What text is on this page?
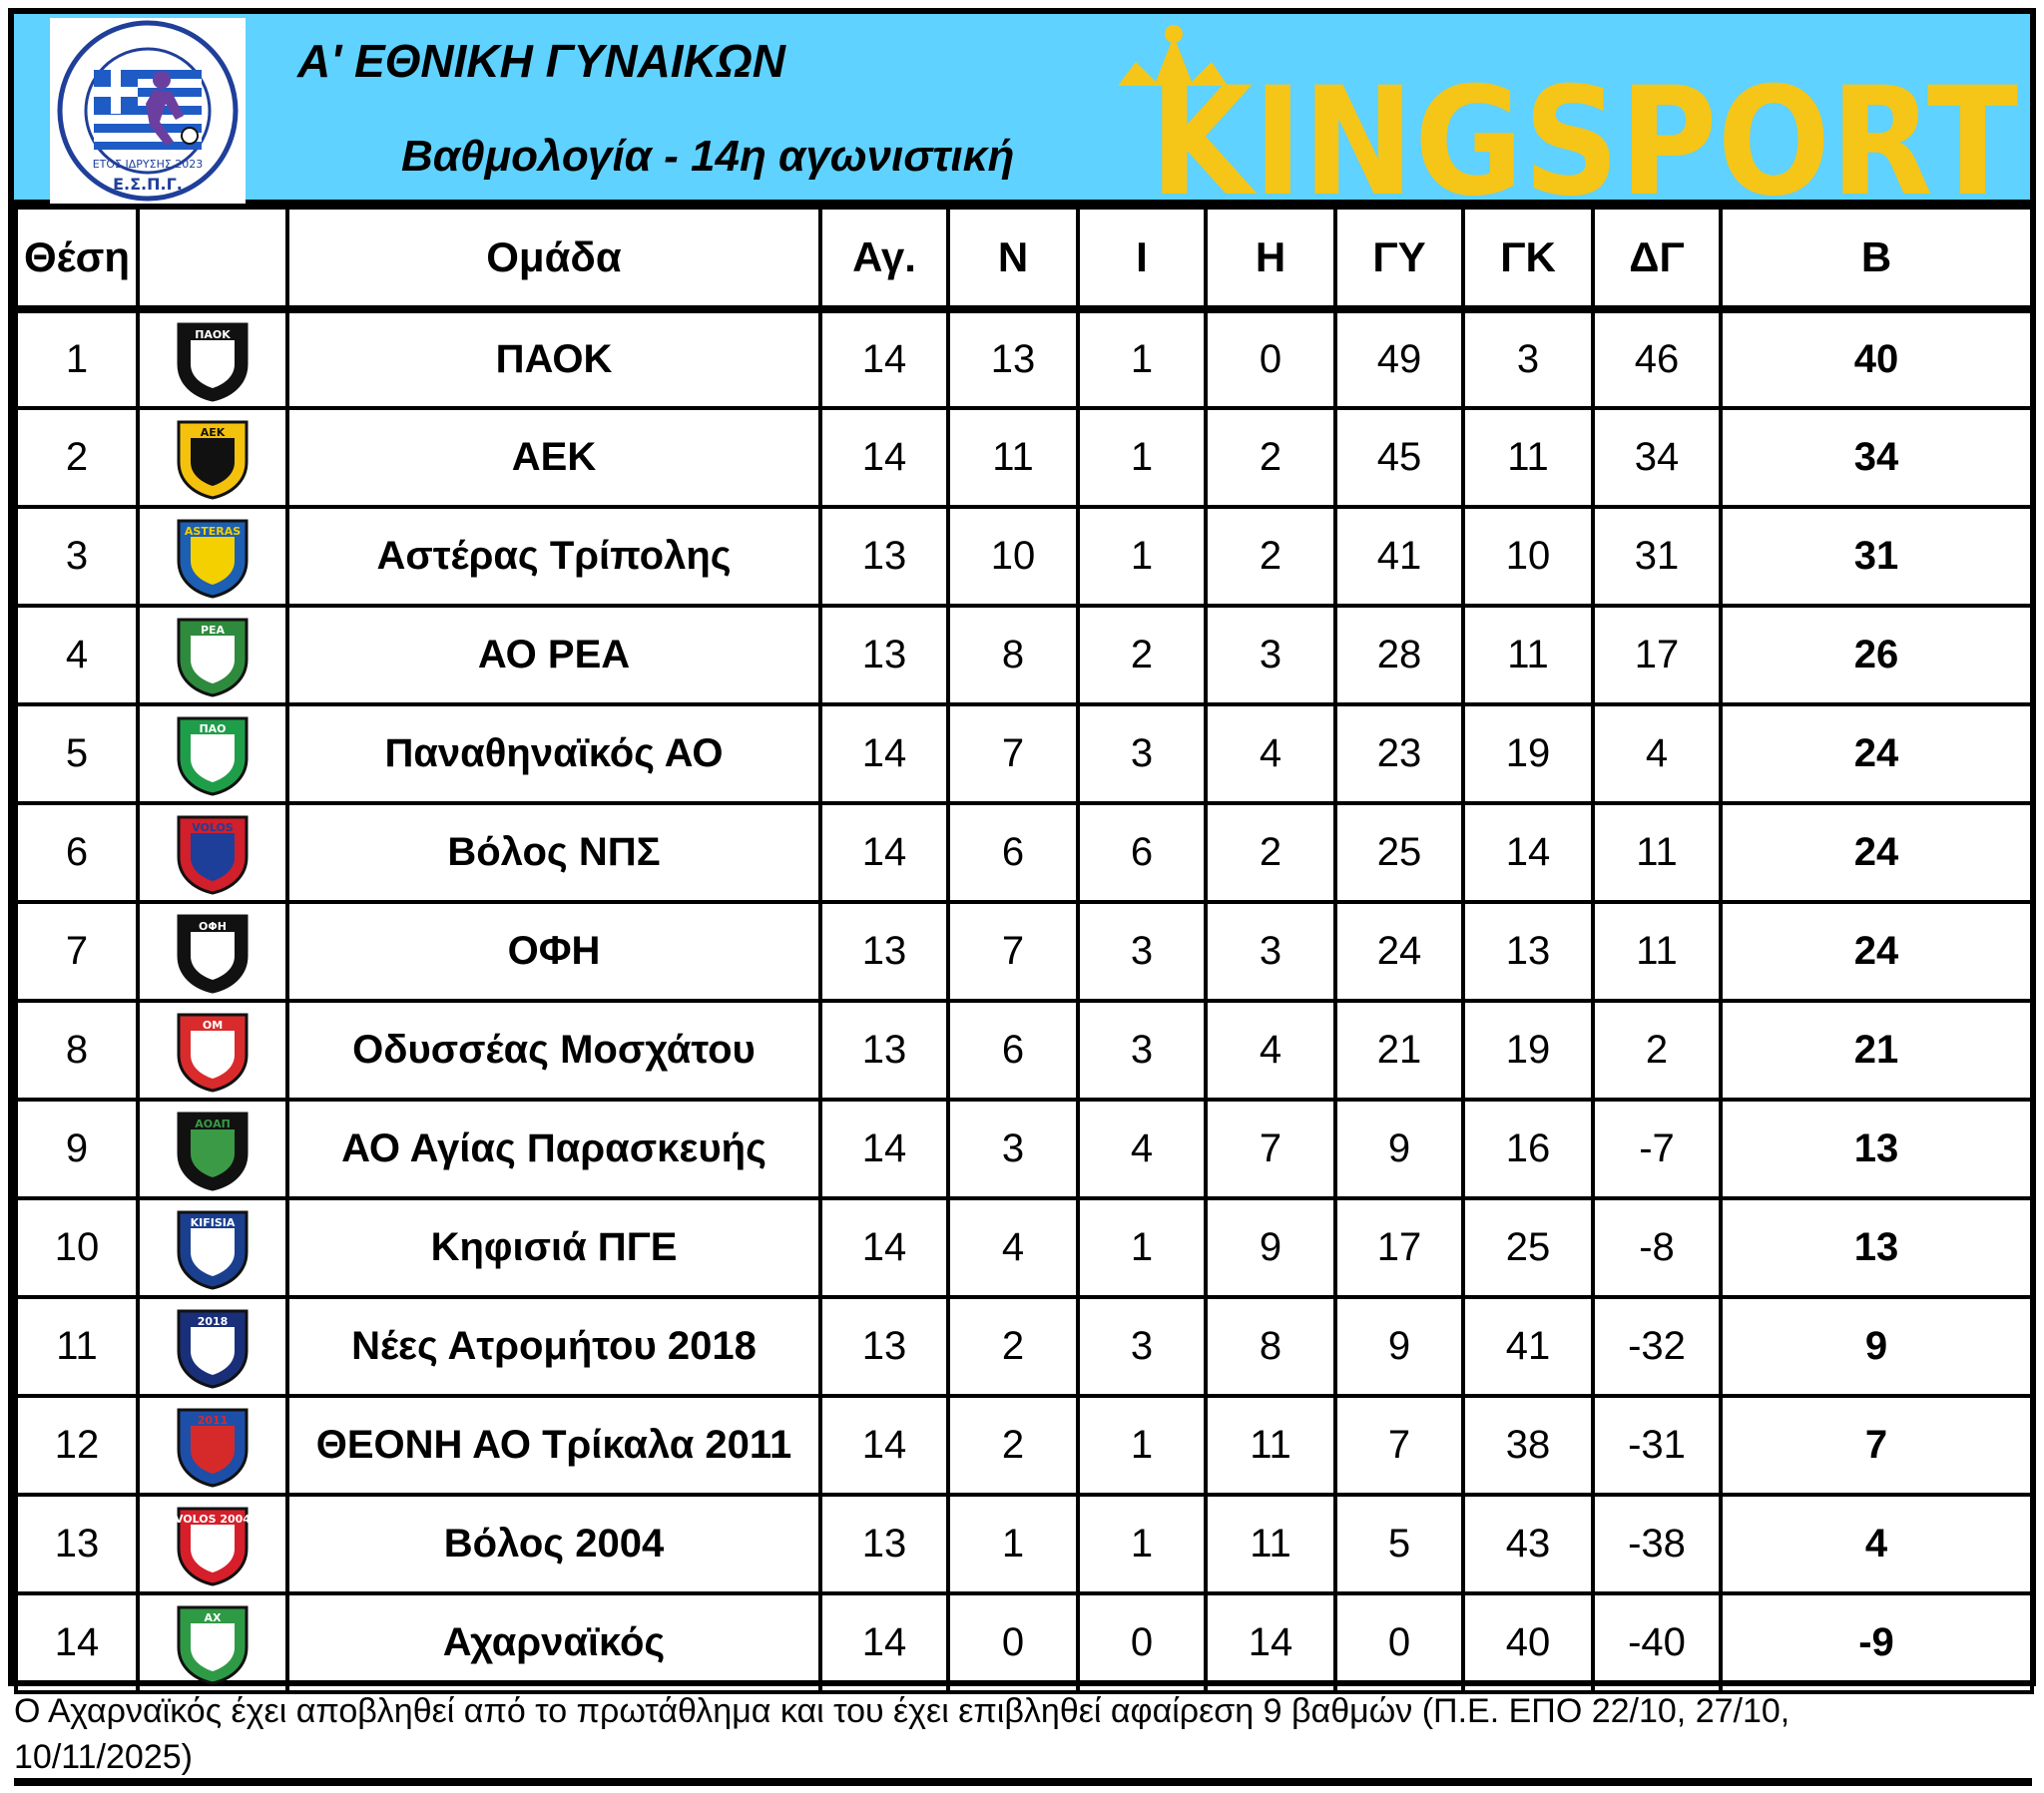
ΕΤΟΣ ΙΔΡΥΣΗΣ 2023
Ε.Σ.Π.Γ.
Α' ΕΘΝΙΚΗ ΓΥΝΑΙΚΩΝ
Βαθμολογία - 14η αγωνιστική KINGSPORT
Θέση		Ομάδα	Αγ.	Ν	Ι	Η	ΓΥ	ΓΚ	ΔΓ	Β
1	ΠΑΟΚ	ΠΑΟΚ	14	13	1	0	49	3	46	40
2	ΑΕΚ	ΑΕΚ	14	11	1	2	45	11	34	34
3	ASTERAS	Αστέρας Τρίπολης	13	10	1	2	41	10	31	31
4	ΡΕΑ	ΑΟ ΡΕΑ	13	8	2	3	28	11	17	26
5	ΠΑΟ	Παναθηναϊκός ΑΟ	14	7	3	4	23	19	4	24
6	VOLOS	Βόλος ΝΠΣ	14	6	6	2	25	14	11	24
7	ΟΦΗ	ΟΦΗ	13	7	3	3	24	13	11	24
8	ΟΜ	Οδυσσέας Μοσχάτου	13	6	3	4	21	19	2	21
9	ΑΟΑΠ	ΑΟ Αγίας Παρασκευής	14	3	4	7	9	16	-7	13
10	KIFISIA	Κηφισιά ΠΓΕ	14	4	1	9	17	25	-8	13
11	2018	Νέες Ατρομήτου 2018	13	2	3	8	9	41	-32	9
12	2011	ΘΕΟΝΗ ΑΟ Τρίκαλα 2011	14	2	1	11	7	38	-31	7
13	VOLOS 2004	Βόλος 2004	13	1	1	11	5	43	-38	4
14	ΑΧ	Αχαρναϊκός	14	0	0	14	0	40	-40	-9
Ο Αχαρναϊκός έχει αποβληθεί από το πρωτάθλημα και του έχει επιβληθεί αφαίρεση 9 βαθμών (Π.Ε. ΕΠΟ 22/10, 27/10, 10/11/2025)
